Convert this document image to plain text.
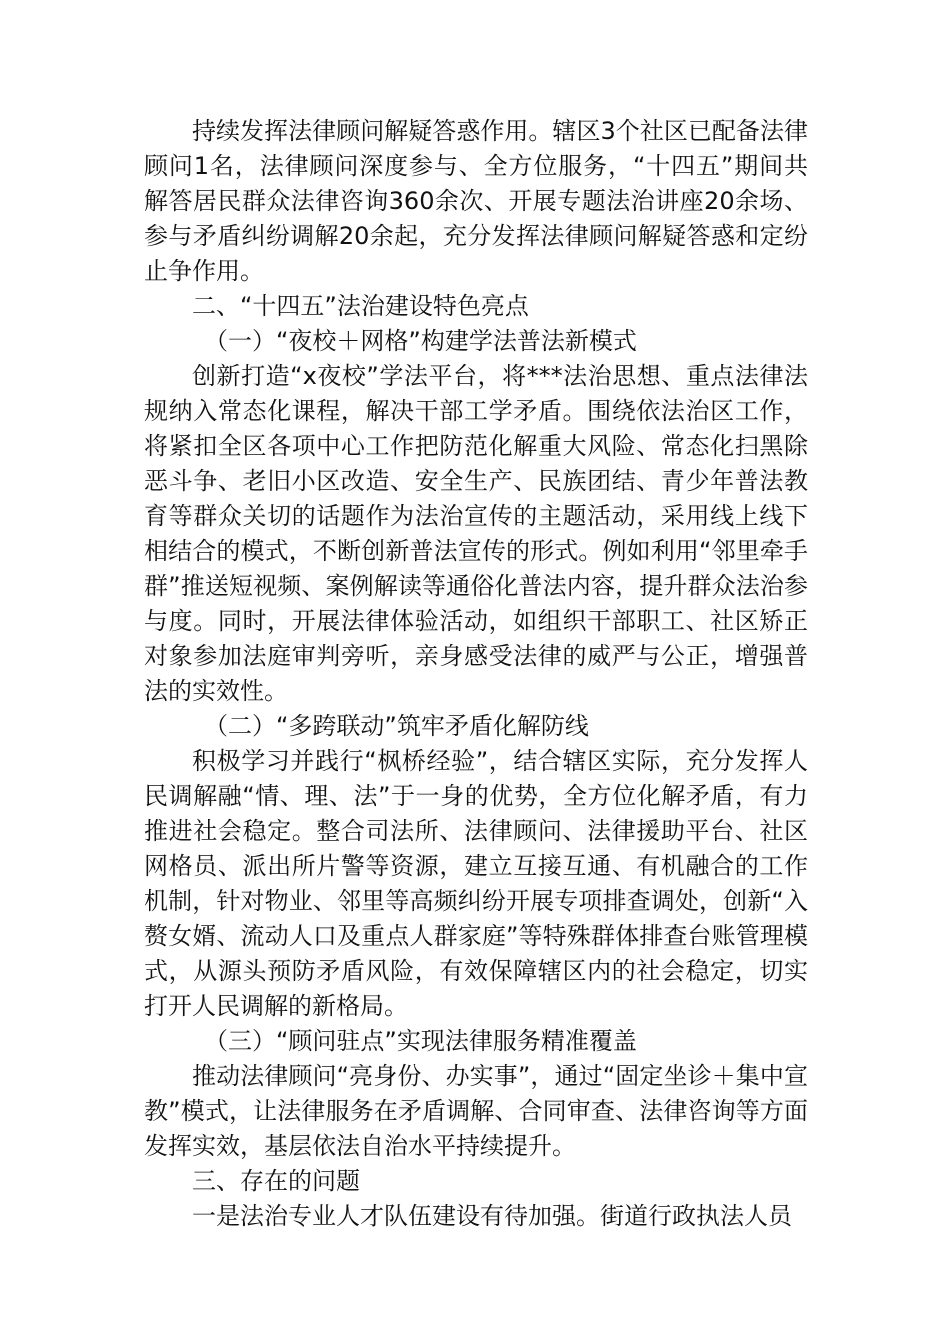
持续发挥法律顾问解疑答惑作用。辖区3个社区已配备法律顾问1名，法律顾问深度参与、全方位服务，“十四五”期间共解答居民群众法律咨询360余次、开展专题法治讲座20余场、参与矛盾纠纷调解20余起，充分发挥法律顾问解疑答惑和定纷止争作用。

二、“十四五”法治建设特色亮点

（一）“夜校＋网格”构建学法普法新模式

创新打造“x夜校”学法平台，将***法治思想、重点法律法规纳入常态化课程，解决干部工学矛盾。围绕依法治区工作，将紧扣全区各项中心工作把防范化解重大风险、常态化扫黑除恶斗争、老旧小区改造、安全生产、民族团结、青少年普法教育等群众关切的话题作为法治宣传的主题活动，采用线上线下相结合的模式，不断创新普法宣传的形式。例如利用“邻里牵手群”推送短视频、案例解读等通俗化普法内容，提升群众法治参与度。同时，开展法律体验活动，如组织干部职工、社区矫正对象参加法庭审判旁听，亲身感受法律的威严与公正，增强普法的实效性。

（二）“多跨联动”筑牢矛盾化解防线

积极学习并践行“枫桥经验”，结合辖区实际，充分发挥人民调解融“情、理、法”于一身的优势，全方位化解矛盾，有力推进社会稳定。整合司法所、法律顾问、法律援助平台、社区网格员、派出所片警等资源，建立互接互通、有机融合的工作机制，针对物业、邻里等高频纠纷开展专项排查调处，创新“入赘女婿、流动人口及重点人群家庭”等特殊群体排查台账管理模式，从源头预防矛盾风险，有效保障辖区内的社会稳定，切实打开人民调解的新格局。

（三）“顾问驻点”实现法律服务精准覆盖

推动法律顾问“亮身份、办实事”，通过“固定坐诊＋集中宣教”模式，让法律服务在矛盾调解、合同审查、法律咨询等方面发挥实效，基层依法自治水平持续提升。

三、存在的问题

一是法治专业人才队伍建设有待加强。街道行政执法人员
